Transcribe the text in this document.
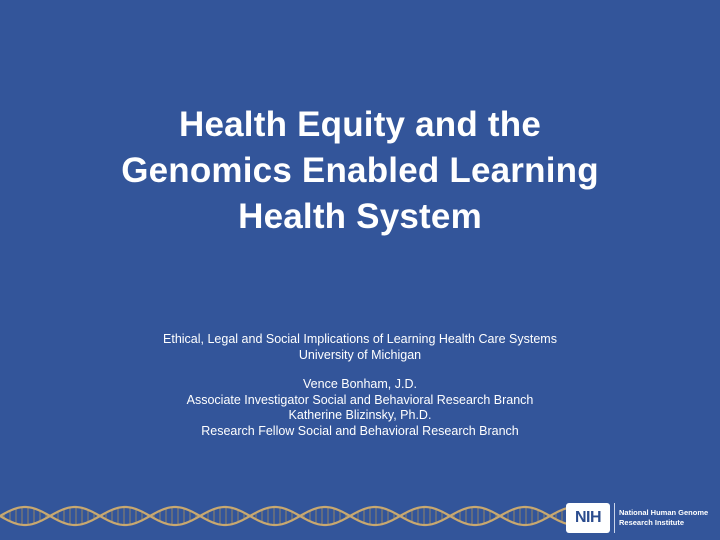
Health Equity and the
Genomics Enabled Learning
Health System
Ethical, Legal and Social Implications of Learning Health Care Systems
University of Michigan
Vence Bonham, J.D.
Associate Investigator Social and Behavioral Research Branch
Katherine Blizinsky, Ph.D.
Research Fellow Social and Behavioral Research Branch
NIH National Human Genome
Research Institute
